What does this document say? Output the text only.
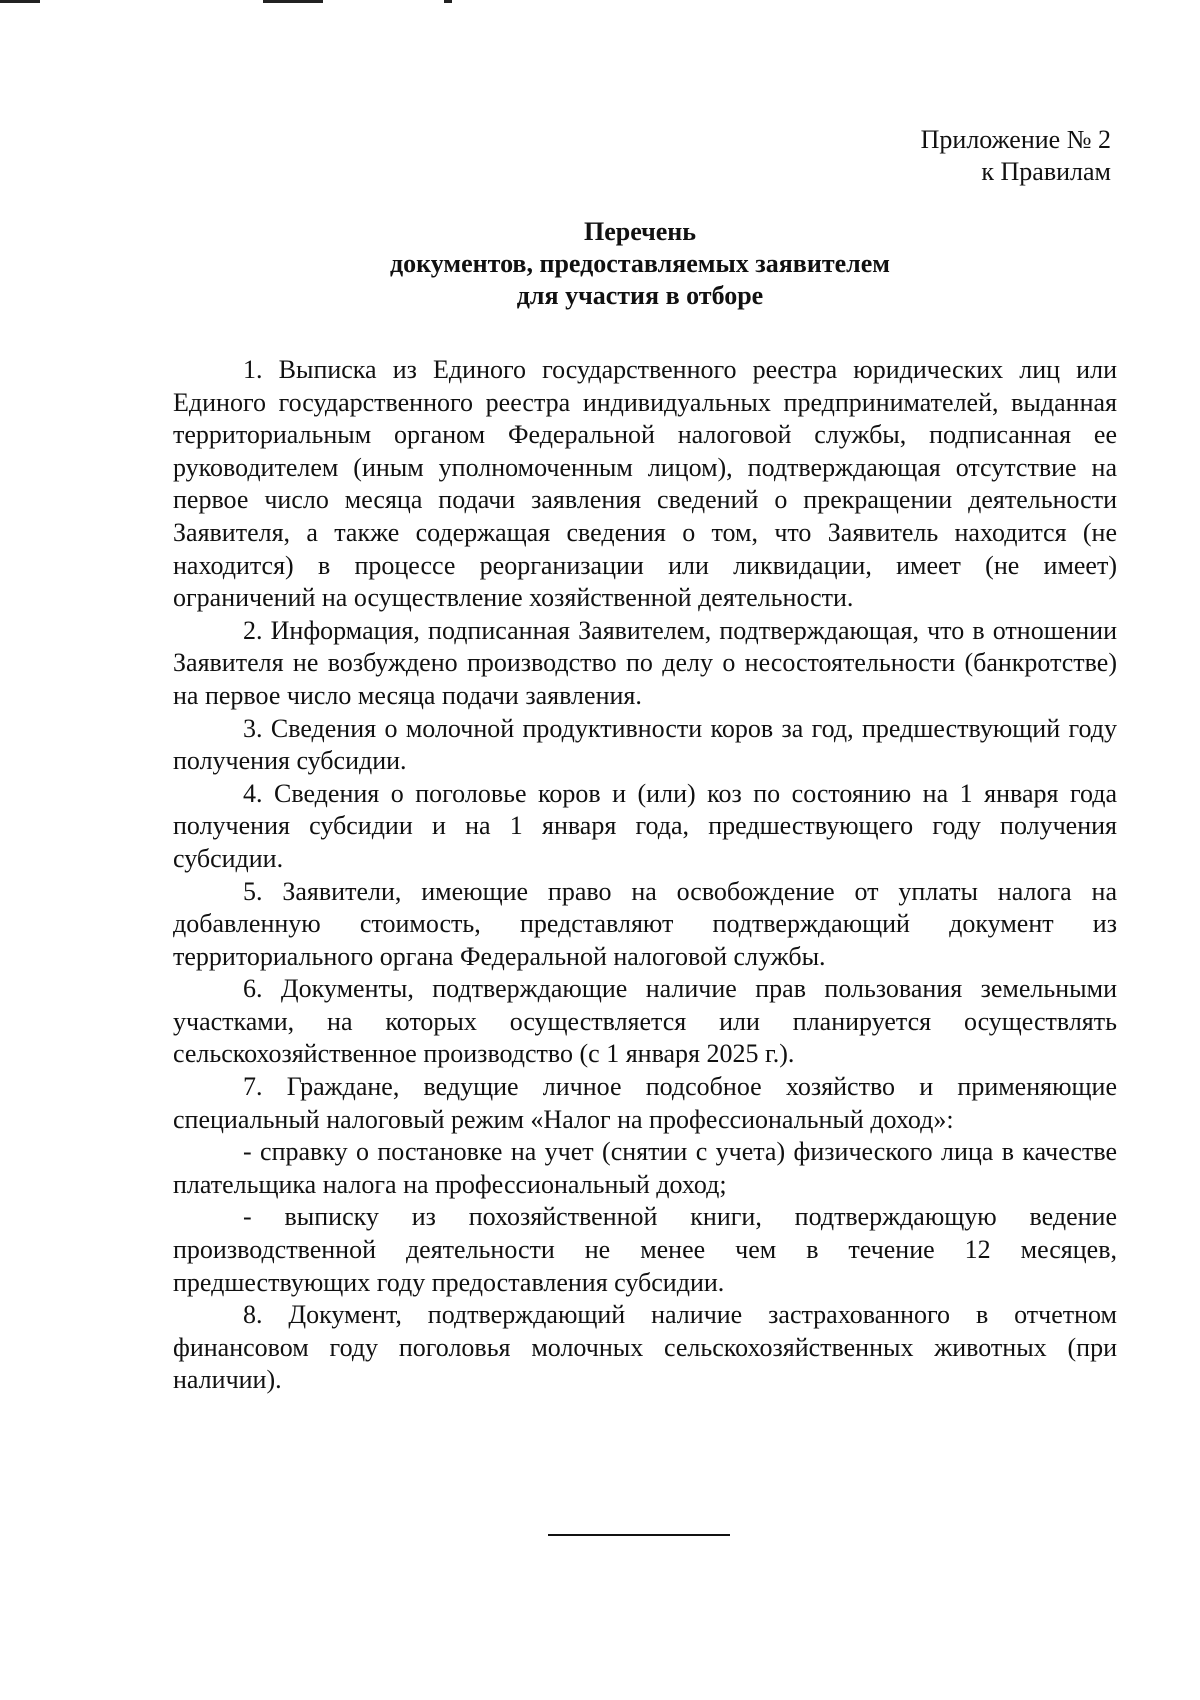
Приложение № 2
к Правилам
Перечень
документов, предоставляемых заявителем
для участия в отборе

1. Выписка из Единого государственного реестра юридических лиц или Единого государственного реестра индивидуальных предпринимателей, выданная территориальным органом Федеральной налоговой службы, подписанная ее руководителем (иным уполномоченным лицом), подтверждающая отсутствие на первое число месяца подачи заявления сведений о прекращении деятельности Заявителя, а также содержащая сведения о том, что Заявитель находится (не находится) в процессе реорганизации или ликвидации, имеет (не имеет) ограничений на осуществление хозяйственной деятельности.

2. Информация, подписанная Заявителем, подтверждающая, что в отношении Заявителя не возбуждено производство по делу о несостоятельности (банкротстве) на первое число месяца подачи заявления.

3. Сведения о молочной продуктивности коров за год, предшествующий году получения субсидии.

4. Сведения о поголовье коров и (или) коз по состоянию на 1 января года получения субсидии и на 1 января года, предшествующего году получения субсидии.

5. Заявители, имеющие право на освобождение от уплаты налога на добавленную стоимость, представляют подтверждающий документ из территориального органа Федеральной налоговой службы.

6. Документы, подтверждающие наличие прав пользования земельными участками, на которых осуществляется или планируется осуществлять сельскохозяйственное производство (с 1 января 2025 г.).

7. Граждане, ведущие личное подсобное хозяйство и применяющие специальный налоговый режим «Налог на профессиональный доход»:

- справку о постановке на учет (снятии с учета) физического лица в качестве плательщика налога на профессиональный доход;

- выписку из похозяйственной книги, подтверждающую ведение производственной деятельности не менее чем в течение 12 месяцев, предшествующих году предоставления субсидии.

8. Документ, подтверждающий наличие застрахованного в отчетном финансовом году поголовья молочных сельскохозяйственных животных (при наличии).
